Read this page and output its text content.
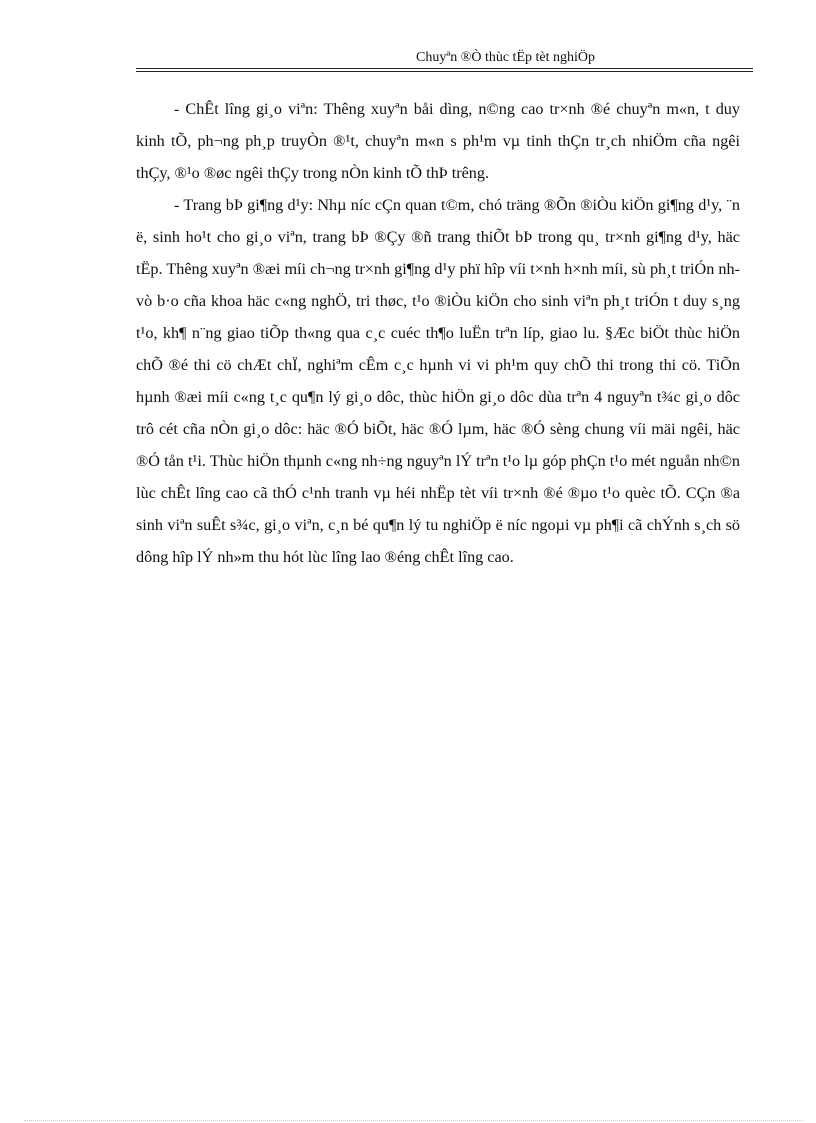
Chuyªn ®Ò thùc tËp tèt nghiÖp

- ChÊt lîng gi¸o viªn: Thêng xuyªn båi dìng, n©ng cao tr×nh ®é chuyªn m«n, t duy kinh tÕ, ph¬ng ph¸p truyÒn ®¹t, chuyªn m«n s ph¹m vµ tinh thÇn tr¸ch nhiÖm cña ngêi thÇy, ®¹o ®øc ngêi thÇy trong nÒn kinh tÕ thÞ trêng.

- Trang bÞ gi¶ng d¹y: Nhµ níc cÇn quan t©m, chó träng ®Õn ®iÒu kiÖn gi¶ng d¹y, ¨n ë, sinh ho¹t cho gi¸o viªn, trang bÞ ®Çy ®ñ trang thiÕt bÞ trong qu¸ tr×nh gi¶ng d¹y, häc tËp. Thêng xuyªn ®æi míi ch¬ng tr×nh gi¶ng d¹y phï hîp víi t×nh h×nh míi, sù ph¸t triÓn nh vò b·o cña khoa häc c«ng nghÖ, tri thøc, t¹o ®iÒu kiÖn cho sinh viªn ph¸t triÓn t duy s¸ng t¹o, kh¶ n¨ng giao tiÕp th«ng qua c¸c cuéc th¶o luËn trªn líp, giao lu. §Æc biÖt thùc hiÖn chÕ ®é thi cö chÆt chÏ, nghiªm cÊm c¸c hµnh vi vi ph¹m quy chÕ thi trong thi cö. TiÕn hµnh ®æi míi c«ng t¸c qu¶n lý gi¸o dôc, thùc hiÖn gi¸o dôc dùa trªn 4 nguyªn t¾c gi¸o dôc trô cét cña nÒn gi¸o dôc: häc ®Ó biÕt, häc ®Ó lµm, häc ®Ó sèng chung víi mäi ngêi, häc ®Ó tån t¹i. Thùc hiÖn thµnh c«ng nh÷ng nguyªn lÝ trªn t¹o lµ góp phÇn t¹o mét nguån nh©n lùc chÊt lîng cao cã thÓ c¹nh tranh vµ héi nhËp tèt víi tr×nh ®é ®µo t¹o quèc tÕ. CÇn ®a sinh viªn suÊt s¾c, gi¸o viªn, c¸n bé qu¶n lý tu nghiÖp ë níc ngoµi vµ ph¶i cã chÝnh s¸ch sö dông hîp lÝ nh»m thu hót lùc lîng lao ®éng chÊt lîng cao.
